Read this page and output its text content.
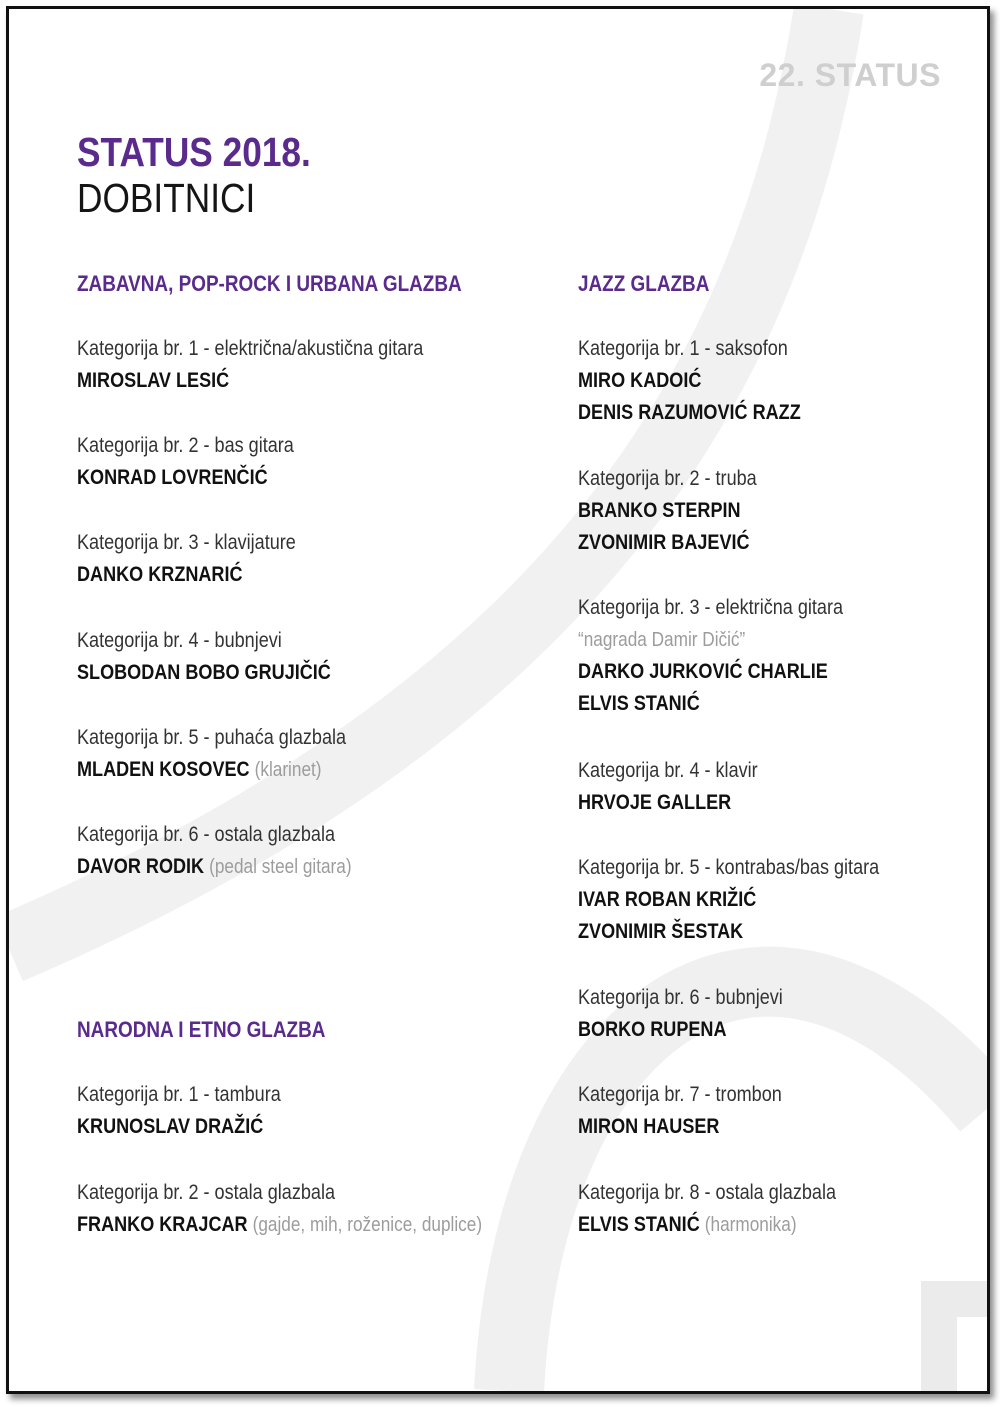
22. STATUS
STATUS 2018.
DOBITNICI
ZABAVNA, POP-ROCK I URBANA GLAZBA
Kategorija br. 1 - električna/akustična gitara
MIROSLAV LESIĆ
Kategorija br. 2 - bas gitara
KONRAD LOVRENČIĆ
Kategorija br. 3 - klavijature
DANKO KRZNARIĆ
Kategorija br. 4 - bubnjevi
SLOBODAN BOBO GRUJIČIĆ
Kategorija br. 5 - puhaća glazbala
MLADEN KOSOVEC (klarinet)
Kategorija br. 6 - ostala glazbala
DAVOR RODIK (pedal steel gitara)
NARODNA I ETNO GLAZBA
Kategorija br. 1 - tambura
KRUNOSLAV DRAŽIĆ
Kategorija br. 2 - ostala glazbala
FRANKO KRAJCAR (gajde, mih, roženice, duplice)
JAZZ GLAZBA
Kategorija br. 1 - saksofon
MIRO KADOIĆ
DENIS RAZUMOVIĆ RAZZ
Kategorija br. 2 - truba
BRANKO STERPIN
ZVONIMIR BAJEVIĆ
Kategorija br. 3 - električna gitara
“nagrada Damir Dičić”
DARKO JURKOVIĆ CHARLIE
ELVIS STANIĆ
Kategorija br. 4 - klavir
HRVOJE GALLER
Kategorija br. 5 - kontrabas/bas gitara
IVAR ROBAN KRIŽIĆ
ZVONIMIR ŠESTAK
Kategorija br. 6 - bubnjevi
BORKO RUPENA
Kategorija br. 7 - trombon
MIRON HAUSER
Kategorija br. 8 - ostala glazbala
ELVIS STANIĆ (harmonika)
